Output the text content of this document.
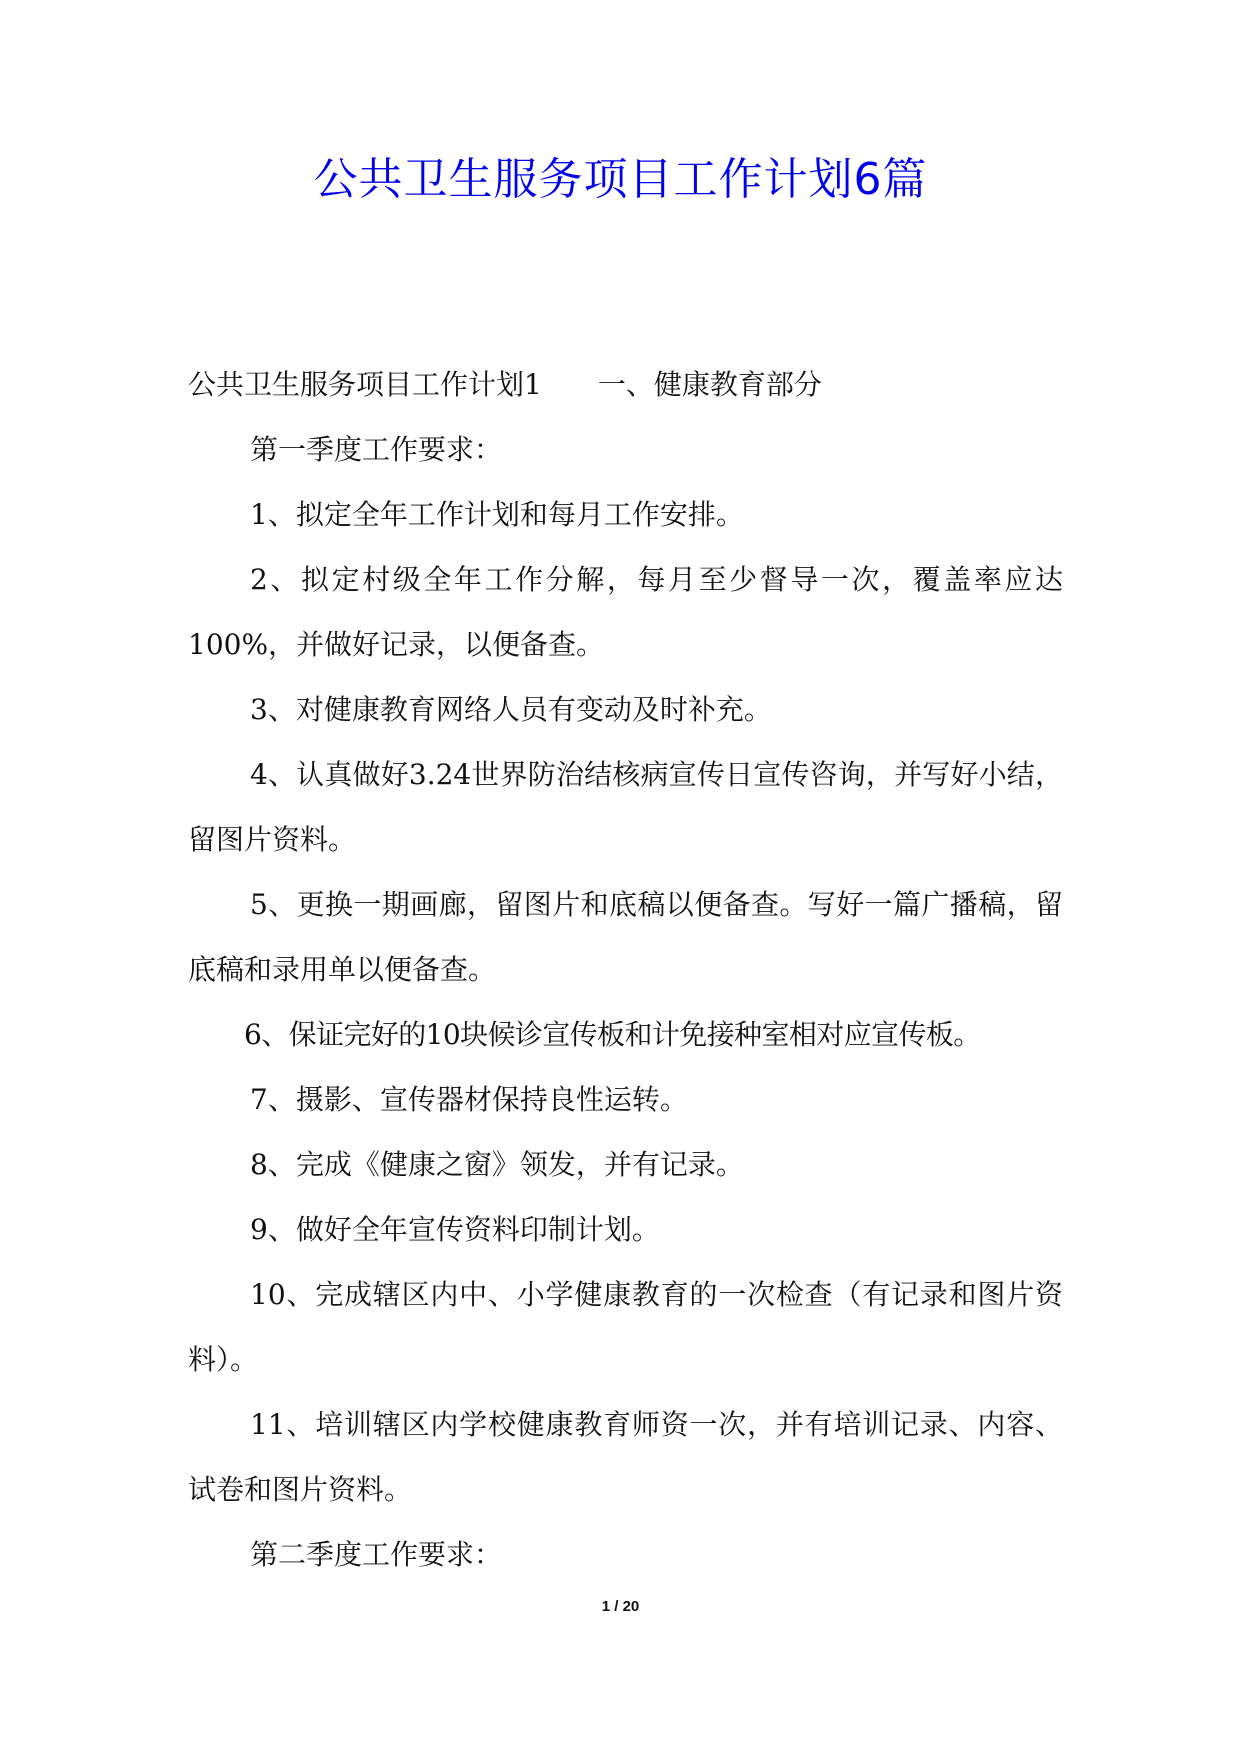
公共卫生服务项目工作计划6篇

公共卫生服务项目工作计划1　　一、健康教育部分

第一季度工作要求：

1、拟定全年工作计划和每月工作安排。

2、拟定村级全年工作分解，每月至少督导一次，覆盖率应达100%，并做好记录，以便备查。

3、对健康教育网络人员有变动及时补充。

4、认真做好3.24世界防治结核病宣传日宣传咨询，并写好小结，留图片资料。

5、更换一期画廊，留图片和底稿以便备查。写好一篇广播稿，留底稿和录用单以便备查。

6、保证完好的10块候诊宣传板和计免接种室相对应宣传板。

7、摄影、宣传器材保持良性运转。

8、完成《健康之窗》领发，并有记录。

9、做好全年宣传资料印制计划。

10、完成辖区内中、小学健康教育的一次检查（有记录和图片资料）。

11、培训辖区内学校健康教育师资一次，并有培训记录、内容、试卷和图片资料。

第二季度工作要求：

1 / 20
